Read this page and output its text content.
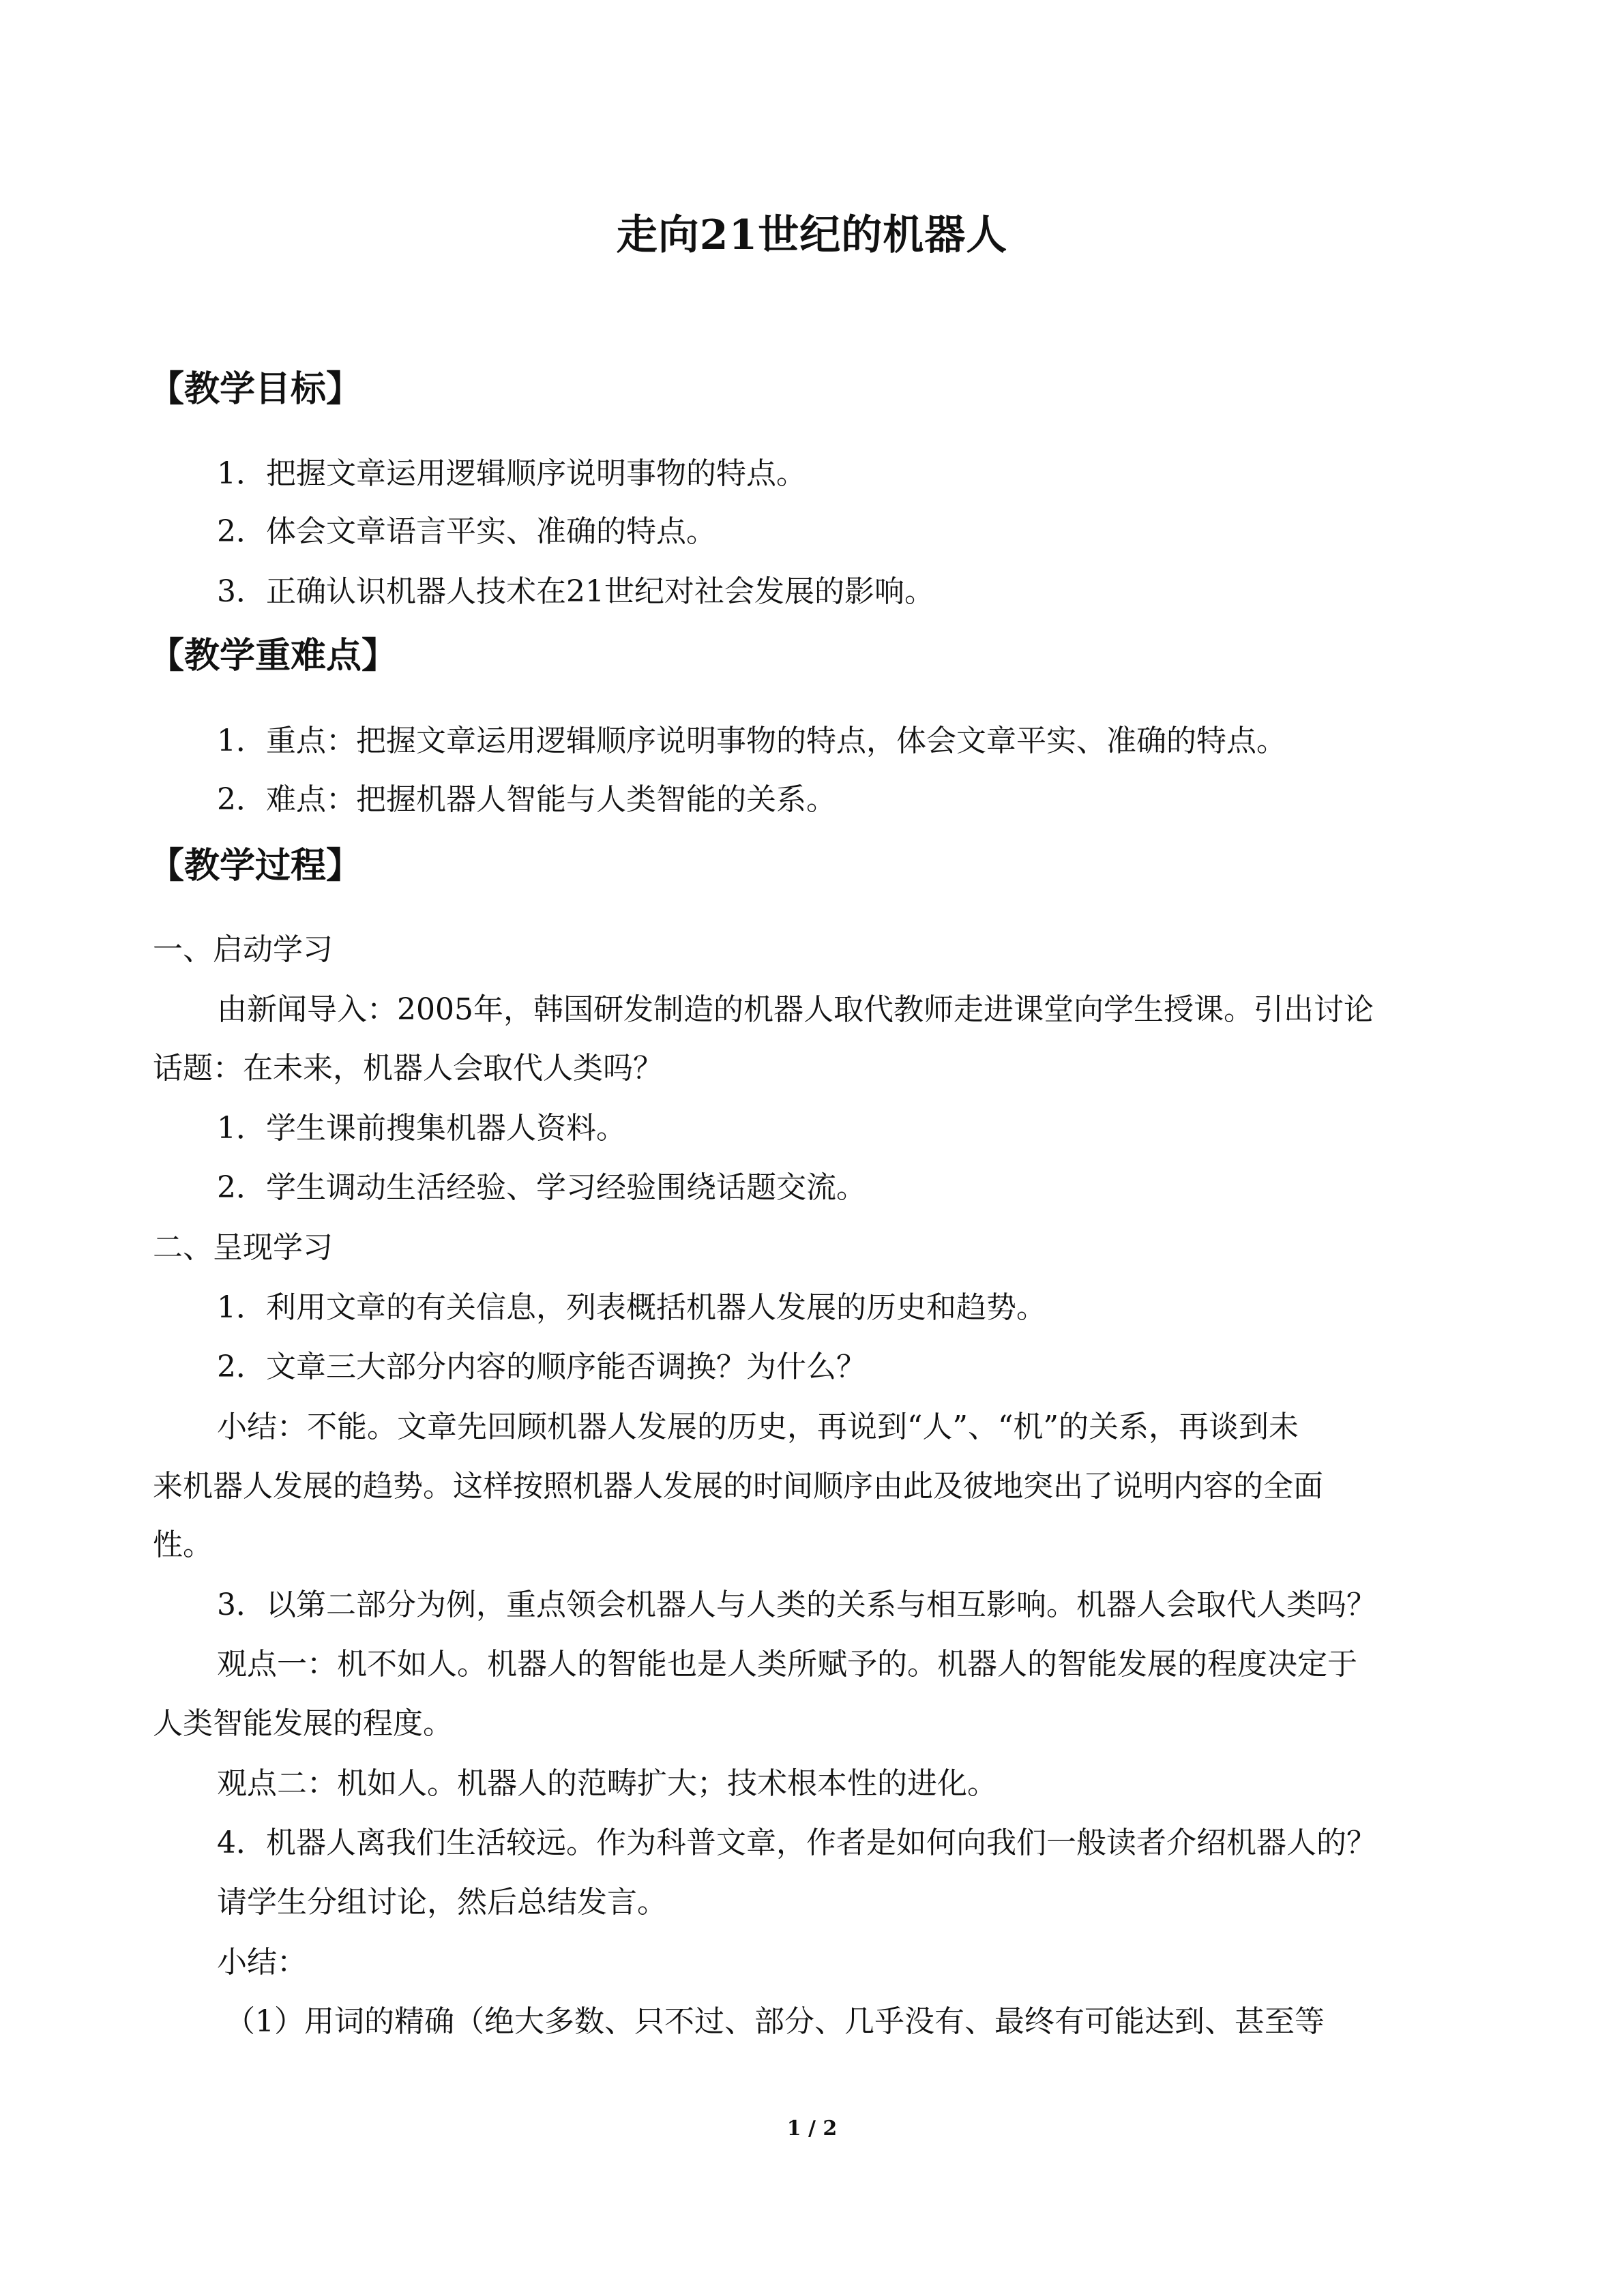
走向21世纪的机器人
【教学目标】
1．把握文章运用逻辑顺序说明事物的特点。
2．体会文章语言平实、准确的特点。
3．正确认识机器人技术在21世纪对社会发展的影响。
【教学重难点】
1．重点：把握文章运用逻辑顺序说明事物的特点，体会文章平实、准确的特点。
2．难点：把握机器人智能与人类智能的关系。
【教学过程】
一、启动学习
由新闻导入：2005年，韩国研发制造的机器人取代教师走进课堂向学生授课。引出讨论
话题：在未来，机器人会取代人类吗？
1．学生课前搜集机器人资料。
2．学生调动生活经验、学习经验围绕话题交流。
二、呈现学习
1．利用文章的有关信息，列表概括机器人发展的历史和趋势。
2．文章三大部分内容的顺序能否调换？为什么？
小结：不能。文章先回顾机器人发展的历史，再说到“人”、“机”的关系，再谈到未
来机器人发展的趋势。这样按照机器人发展的时间顺序由此及彼地突出了说明内容的全面
性。
3．以第二部分为例，重点领会机器人与人类的关系与相互影响。机器人会取代人类吗？
观点一：机不如人。机器人的智能也是人类所赋予的。机器人的智能发展的程度决定于
人类智能发展的程度。
观点二：机如人。机器人的范畴扩大；技术根本性的进化。
4．机器人离我们生活较远。作为科普文章，作者是如何向我们一般读者介绍机器人的？
请学生分组讨论，然后总结发言。
小结：
（1）用词的精确（绝大多数、只不过、部分、几乎没有、最终有可能达到、甚至等
1 / 2
